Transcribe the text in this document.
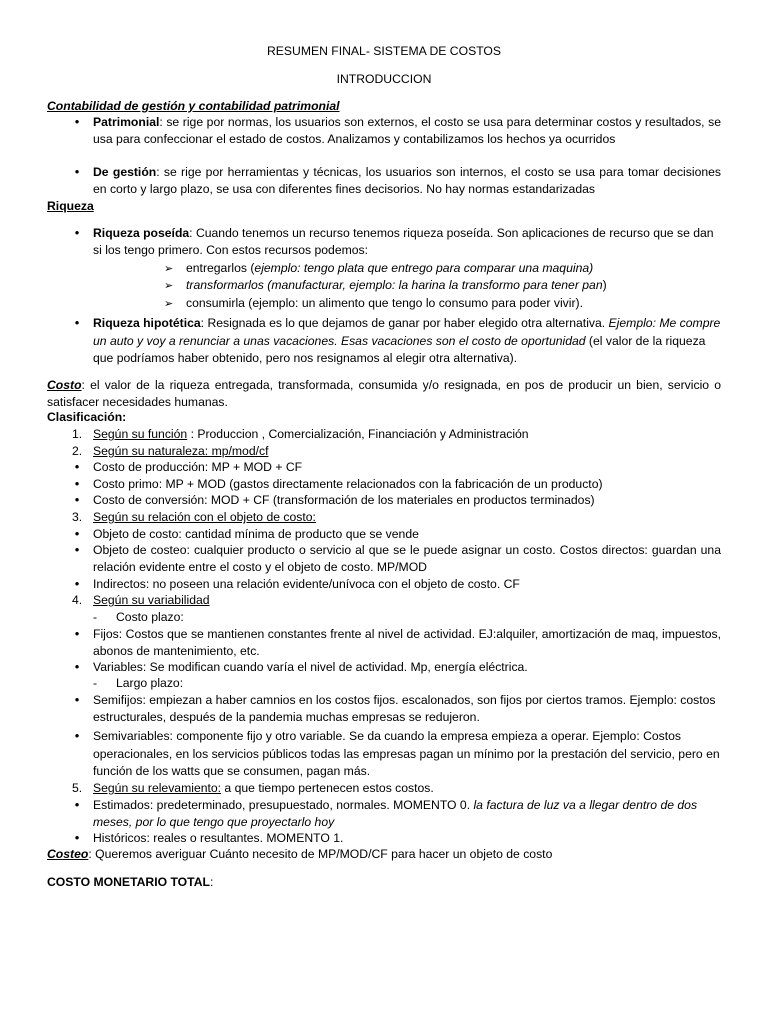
RESUMEN FINAL- SISTEMA DE COSTOS
INTRODUCCION
Contabilidad de gestión y contabilidad patrimonial
• Patrimonial: se rige por normas, los usuarios son externos, el costo se usa para determinar costos y resultados, se usa para confeccionar el estado de costos. Analizamos y contabilizamos los hechos ya ocurridos
• De gestión: se rige por herramientas y técnicas, los usuarios son internos, el costo se usa para tomar decisiones en corto y largo plazo, se usa con diferentes fines decisorios. No hay normas estandarizadas
Riqueza
• Riqueza poseída: Cuando tenemos un recurso tenemos riqueza poseída. Son aplicaciones de recurso que se dan si los tengo primero. Con estos recursos podemos:
➢ entregarlos (ejemplo: tengo plata que entrego para comparar una maquina)
➢ transformarlos (manufacturar, ejemplo: la harina la transformo para tener pan)
➢ consumirla (ejemplo: un alimento que tengo lo consumo para poder vivir).
• Riqueza hipotética: Resignada es lo que dejamos de ganar por haber elegido otra alternativa. Ejemplo: Me compre un auto y voy a renunciar a unas vacaciones. Esas vacaciones son el costo de oportunidad (el valor de la riqueza que podríamos haber obtenido, pero nos resignamos al elegir otra alternativa).
Costo: el valor de la riqueza entregada, transformada, consumida y/o resignada, en pos de producir un bien, servicio o satisfacer necesidades humanas.
Clasificación:
1. Según su función : Produccion , Comercialización, Financiación y Administración
2. Según su naturaleza: mp/mod/cf
• Costo de producción: MP + MOD + CF
• Costo primo: MP + MOD (gastos directamente relacionados con la fabricación de un producto)
• Costo de conversión: MOD + CF (transformación de los materiales en productos terminados)
3. Según su relación con el objeto de costo:
• Objeto de costo: cantidad mínima de producto que se vende
• Objeto de costeo: cualquier producto o servicio al que se le puede asignar un costo. Costos directos: guardan una relación evidente entre el costo y el objeto de costo. MP/MOD
• Indirectos: no poseen una relación evidente/unívoca con el objeto de costo. CF
4. Según su variabilidad
- Costo plazo:
• Fijos: Costos que se mantienen constantes frente al nivel de actividad. EJ:alquiler, amortización de maq, impuestos, abonos de mantenimiento, etc.
• Variables: Se modifican cuando varía el nivel de actividad. Mp, energía eléctrica.
- Largo plazo:
• Semifijos: empiezan a haber camnios en los costos fijos. escalonados, son fijos por ciertos tramos. Ejemplo: costos estructurales, después de la pandemia muchas empresas se redujeron.
• Semivariables: componente fijo y otro variable. Se da cuando la empresa empieza a operar. Ejemplo: Costos operacionales, en los servicios públicos todas las empresas pagan un mínimo por la prestación del servicio, pero en función de los watts que se consumen, pagan más.
5. Según su relevamiento: a que tiempo pertenecen estos costos.
• Estimados: predeterminado, presupuestado, normales. MOMENTO 0. la factura de luz va a llegar dentro de dos meses, por lo que tengo que proyectarlo hoy
• Históricos: reales o resultantes. MOMENTO 1.
Costeo: Queremos averiguar Cuánto necesito de MP/MOD/CF para hacer un objeto de costo
COSTO MONETARIO TOTAL:
